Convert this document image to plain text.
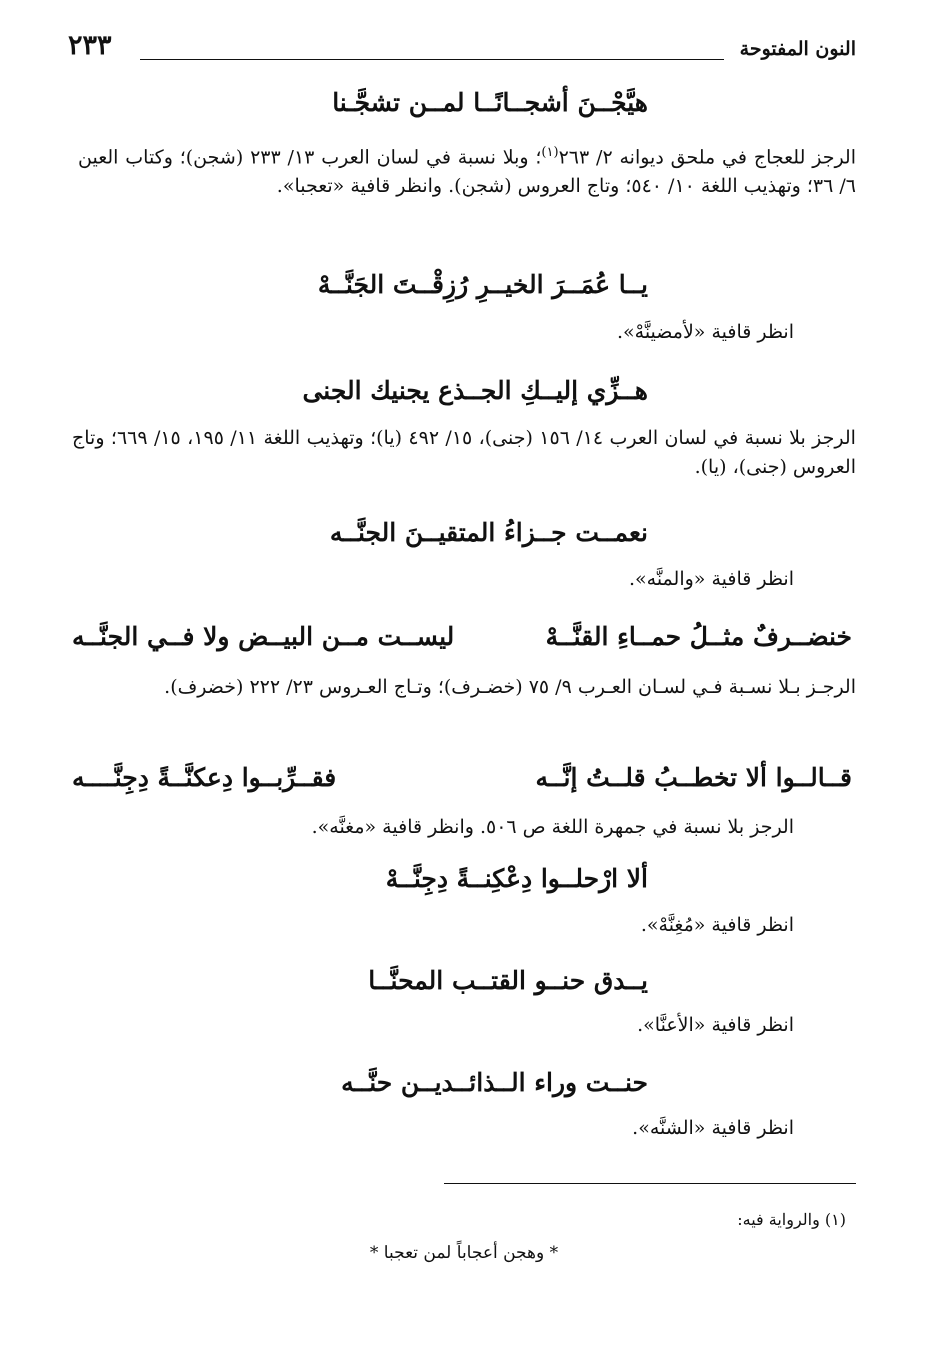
النون المفتوحة
٢٣٣
هيَّجْــنَ أشجــانًــا لمــن تشجَّـنا
الرجز للعجاج في ملحق ديوانه ٢/ ٢٦٣$^{(١)}$؛ وبلا نسبة في لسان العرب ١٣/ ٢٣٣ (شجن)؛ وكتاب العين ٦/ ٣٦؛ وتهذيب اللغة ١٠/ ٥٤٠؛ وتاج العروس (شجن). وانظر قافية «تعجبا».
يــا عُمَــرَ الخيــرِ رُزِقْــتَ الجَنَّــهْ
انظر قافية «لأمضينَّهْ».
هــزِّي إليــكِ الجــذع يجنيك الجنى
الرجز بلا نسبة في لسان العرب ١٤/ ١٥٦ (جنى)، ١٥/ ٤٩٢ (يا)؛ وتهذيب اللغة ١١/ ١٩٥، ١٥/ ٦٦٩؛ وتاج العروس (جنى)، (يا).
نعمــت جــزاءُ المتقيــنَ الجنَّــه
انظر قافية «والمنَّه».
خنضــرفٌ مثــلُ حمــاءِ القنَّــهْ
ليســت مــن البيــض ولا فــي الجنَّــه
الرجـز بـلا نسـبة فـي لسـان العـرب ٩/ ٧٥ (خضـرف)؛ وتـاج العـروس ٢٣/ ٢٢٢ (خضرف).
قــالــوا ألا تخطــبُ قلــتُ إنَّــه
فقــرِّبــوا دِعكنَّــةً دِجِنَّــــه
الرجز بلا نسبة في جمهرة اللغة ص ٥٠٦. وانظر قافية «مغنَّه».
ألا ارْحلــوا دِعْكِنــةً دِجِنَّــهْ
انظر قافية «مُغِنَّهْ».
يــدق حنــو القتــب المحنَّــا
انظر قافية «الأعنَّا».
حنــت وراء الــذائــديــن حنَّــه
انظر قافية «الشنَّه».
(١) والرواية فيه:
* وهجن أعجاباً لمن تعجبا *
